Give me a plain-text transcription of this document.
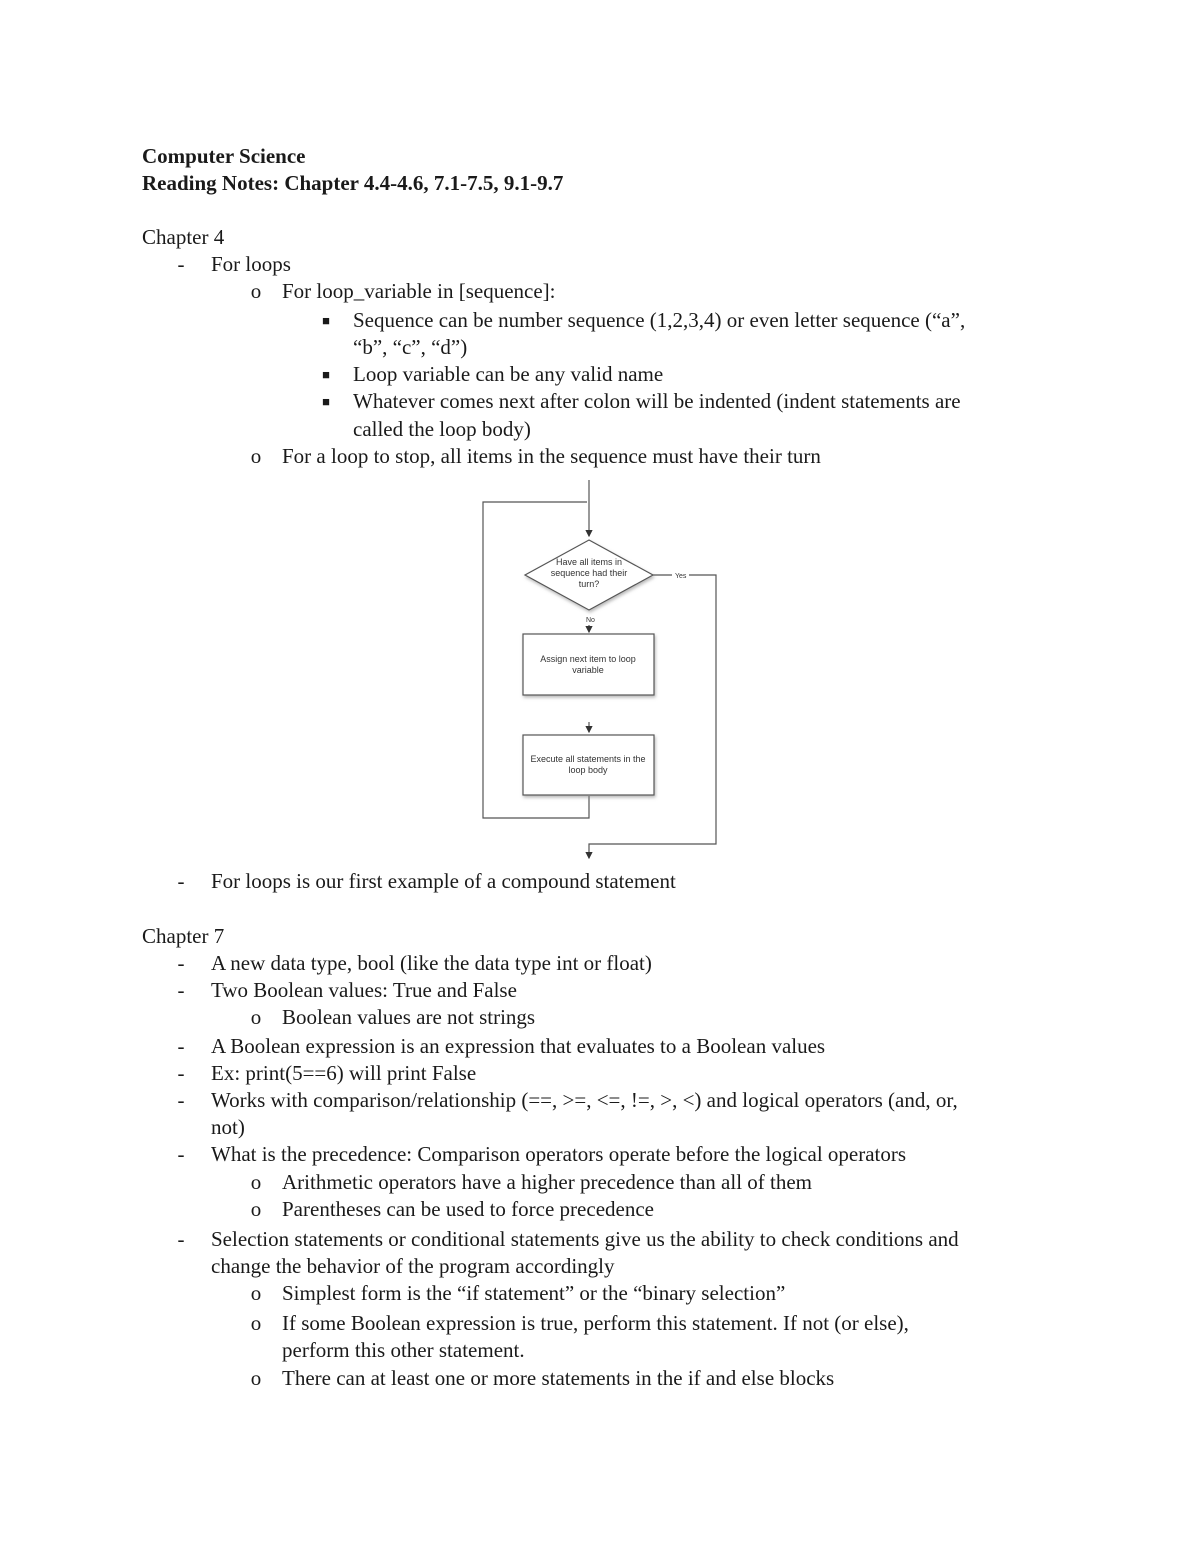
Computer Science
Reading Notes: Chapter 4.4-4.6, 7.1-7.5, 9.1-9.7
Chapter 4
-	For loops
o For loop_variable in [sequence]:
■ Sequence can be number sequence (1,2,3,4) or even letter sequence (“a”,
“b”, “c”, “d”)
■ Loop variable can be any valid name
■ Whatever comes next after colon will be indented (indent statements are
called the loop body)
o For a loop to stop, all items in the sequence must have their turn
Have all items in
sequence had their
turn?
Yes
No
Assign next item to loop
variable
Execute all statements in the
loop body
-	For loops is our first example of a compound statement
Chapter 7
-	A new data type, bool (like the data type int or float)
-	Two Boolean values: True and False
o Boolean values are not strings
-	A Boolean expression is an expression that evaluates to a Boolean values
-	Ex: print(5==6) will print False
-	Works with comparison/relationship (==, >=, <=, !=, >, <) and logical operators (and, or,
not)
-	What is the precedence: Comparison operators operate before the logical operators
o Arithmetic operators have a higher precedence than all of them
o Parentheses can be used to force precedence
-	Selection statements or conditional statements give us the ability to check conditions and
change the behavior of the program accordingly
o Simplest form is the “if statement” or the “binary selection”
o If some Boolean expression is true, perform this statement. If not (or else),
perform this other statement.
o There can at least one or more statements in the if and else blocks
